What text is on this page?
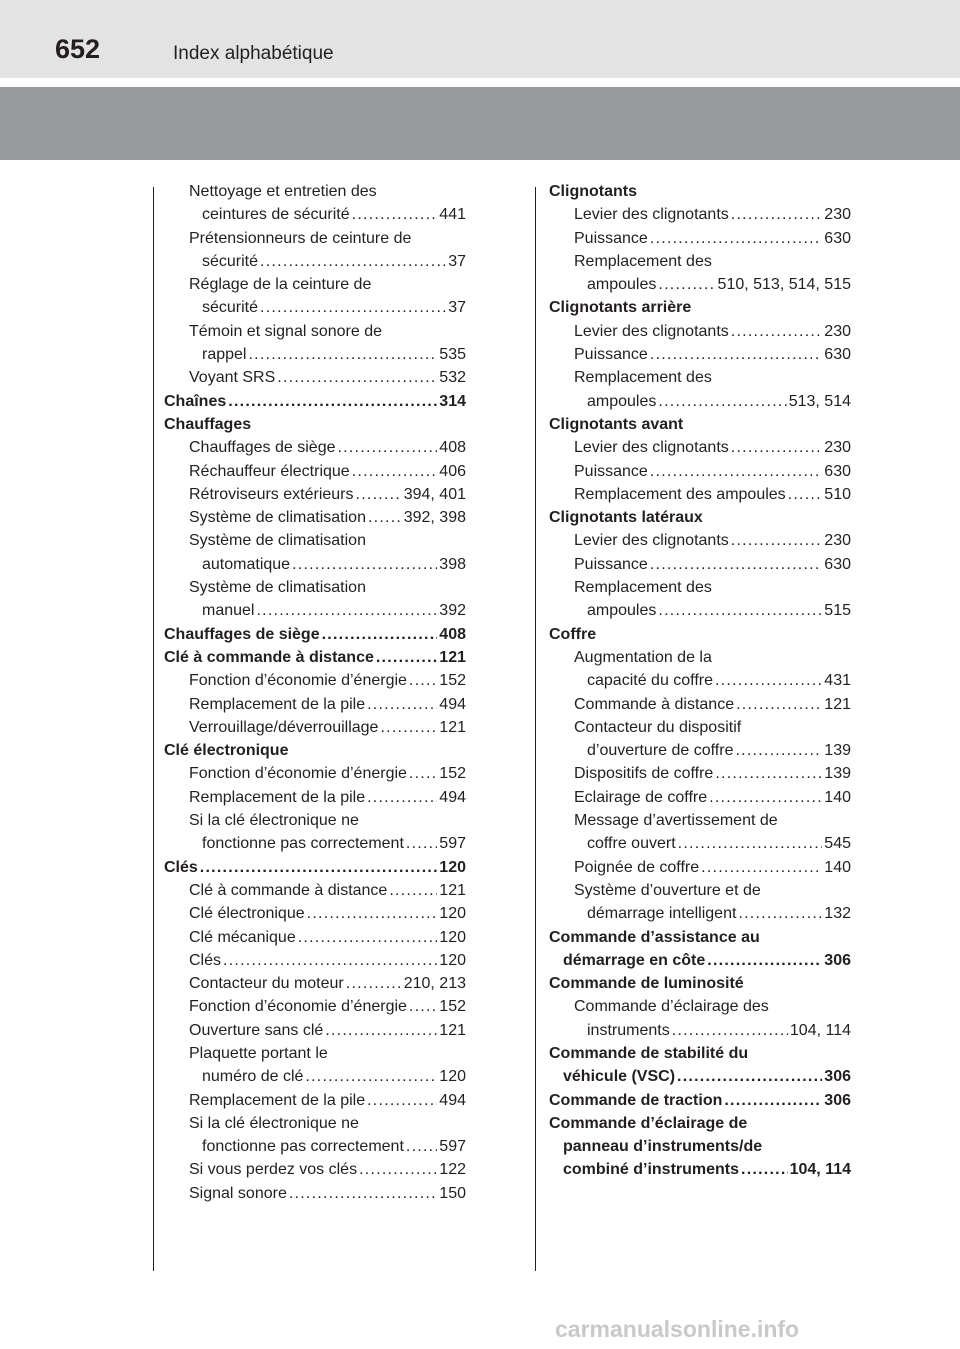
652	Index alphabétique
Nettoyage et entretien des
ceintures de sécurité . . .	441
Prétensionneurs de ceinture de
sécurité . . .	37
Réglage de la ceinture de
sécurité . . .	37
Témoin et signal sonore de
rappel . . .	535
Voyant SRS . . .	532
Chaînes . . .	314
Chauffages
Chauffages de siège . . .	408
Réchauffeur électrique . . .	406
Rétroviseurs extérieurs . . .	394, 401
Système de climatisation . . . 392, 398
Système de climatisation
automatique . . .	398
Système de climatisation
manuel . . .	392
Chauffages de siège . . .	408
Clé à commande à distance . . .	121
Fonction d’économie d’énergie . . . 152
Remplacement de la pile . . .	494
Verrouillage/déverrouillage . . .	121
Clé électronique
Fonction d’économie d’énergie . . . 152
Remplacement de la pile . . .	494
Si la clé électronique ne
fonctionne pas correctement . . . 597
Clés . . .	120
Clé à commande à distance . . .	121
Clé électronique . . .	120
Clé mécanique . . .	120
Clés . . .	120
Contacteur du moteur . . .	210, 213
Fonction d’économie d’énergie . . . 152
Ouverture sans clé . . .	121
Plaquette portant le
numéro de clé . . .	120
Remplacement de la pile . . .	494
Si la clé électronique ne
fonctionne pas correctement . . . 597
Si vous perdez vos clés . . .	122
Signal sonore . . .	150
Clignotants
Levier des clignotants . . .	230
Puissance . . .	630
Remplacement des
ampoules . . .	510, 513, 514, 515
Clignotants arrière
Levier des clignotants . . .	230
Puissance . . .	630
Remplacement des
ampoules . . .	513, 514
Clignotants avant
Levier des clignotants . . .	230
Puissance . . .	630
Remplacement des ampoules . . . 510
Clignotants latéraux
Levier des clignotants . . .	230
Puissance . . .	630
Remplacement des
ampoules . . .	515
Coffre
Augmentation de la
capacité du coffre . . .	431
Commande à distance . . .	121
Contacteur du dispositif
d’ouverture de coffre . . .	139
Dispositifs de coffre . . .	139
Eclairage de coffre . . .	140
Message d’avertissement de
coffre ouvert . . .	545
Poignée de coffre . . .	140
Système d’ouverture et de
démarrage intelligent . . .	132
Commande d’assistance au
démarrage en côte . . .	306
Commande de luminosité
Commande d’éclairage des
instruments . . .	104, 114
Commande de stabilité du
véhicule (VSC) . . .	306
Commande de traction . . .	306
Commande d’éclairage de
panneau d’instruments/de
combiné d’instruments . . .	104, 114
carmanualsonline.info
